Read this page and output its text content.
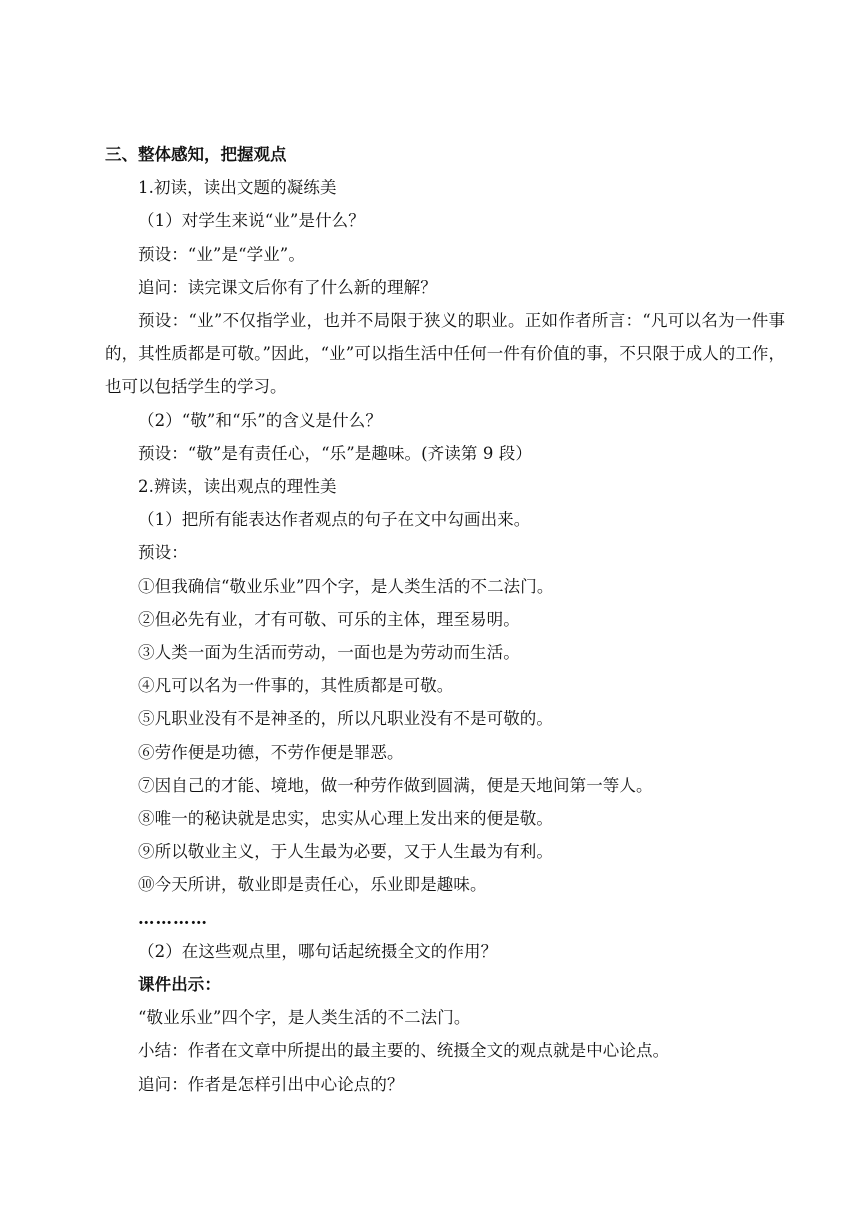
三、整体感知，把握观点
1.初读，读出文题的凝练美
（1）对学生来说“业”是什么？
预设：“业”是“学业”。
追问：读完课文后你有了什么新的理解？
预设：“业”不仅指学业，也并不局限于狭义的职业。正如作者所言：“凡可以名为一件事的，其性质都是可敬。”因此，“业”可以指生活中任何一件有价值的事，不只限于成人的工作，也可以包括学生的学习。
（2）“敬”和“乐”的含义是什么？
预设：“敬”是有责任心，“乐”是趣味。(齐读第 9 段）
2.辨读，读出观点的理性美
（1）把所有能表达作者观点的句子在文中勾画出来。
预设：
①但我确信“敬业乐业”四个字，是人类生活的不二法门。
②但必先有业，才有可敬、可乐的主体，理至易明。
③人类一面为生活而劳动，一面也是为劳动而生活。
④凡可以名为一件事的，其性质都是可敬。
⑤凡职业没有不是神圣的，所以凡职业没有不是可敬的。
⑥劳作便是功德，不劳作便是罪恶。
⑦因自己的才能、境地，做一种劳作做到圆满，便是天地间第一等人。
⑧唯一的秘诀就是忠实，忠实从心理上发出来的便是敬。
⑨所以敬业主义，于人生最为必要，又于人生最为有利。
⑩今天所讲，敬业即是责任心，乐业即是趣味。
…………
（2）在这些观点里，哪句话起统摄全文的作用？
课件出示：
“敬业乐业”四个字，是人类生活的不二法门。
小结：作者在文章中所提出的最主要的、统摄全文的观点就是中心论点。
追问：作者是怎样引出中心论点的？
